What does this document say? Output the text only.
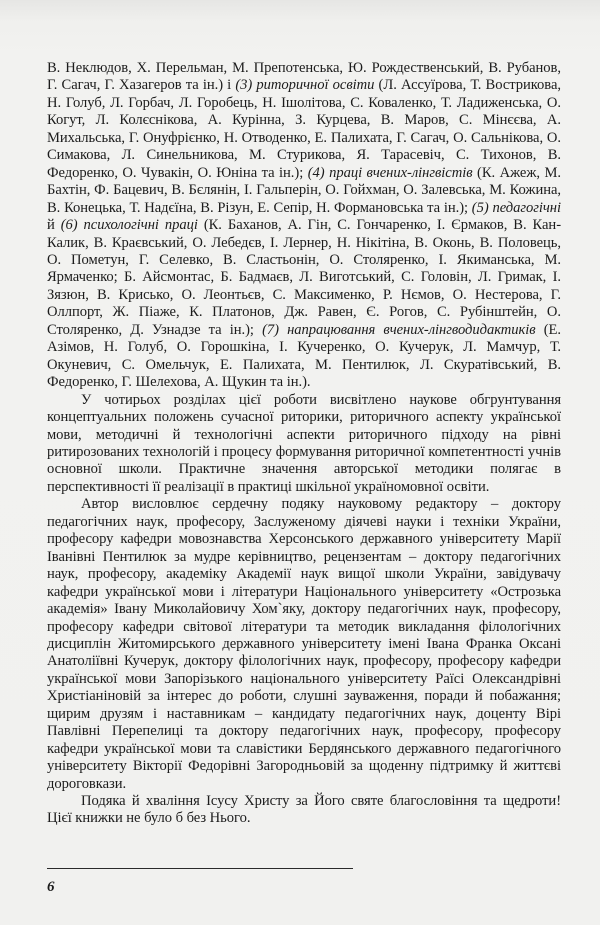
В. Неклюдов, Х. Перельман, М. Препотенська, Ю. Рождественський, В. Рубанов, Г. Сагач, Г. Хазагеров та ін.) і (3) риторичної освіти (Л. Ассуїрова, Т. Вострикова, Н. Голуб, Л. Горбач, Л. Горобець, Н. Ішолітова, С. Коваленко, Т. Ладиженська, О. Когут, Л. Колєснікова, А. Курінна, З. Курцева, В. Маров, С. Мінєєва, А. Михальська, Г. Онуфрієнко, Н. Отводенко, Е. Палихата, Г. Сагач, О. Сальнікова, О. Симакова, Л. Синельникова, М. Стурикова, Я. Тарасевіч, С. Тихонов, В. Федоренко, О. Чувакін, О. Юніна та ін.); (4) праці вчених-лінгвістів (К. Ажеж, М. Бахтін, Ф. Бацевич, В. Бєлянін, І. Гальперін, О. Гойхман, О. Залевська, М. Кожина, В. Конецька, Т. Надєїна, В. Різун, Е. Сепір, Н. Формановська та ін.); (5) педагогічні й (6) психологічні праці (К. Баханов, А. Гін, С. Гончаренко, І. Єрмаков, В. Кан-Калик, В. Краєвський, О. Лебедєв, І. Лернер, Н. Нікітіна, В. Оконь, В. Половець, О. Пометун, Г. Селевко, В. Сластьонін, О. Столяренко, І. Якиманська, М. Ярмаченко; Б. Айсмонтас, Б. Бадмаєв, Л. Виготський, С. Головін, Л. Гримак, І. Зязюн, В. Крисько, О. Леонтьєв, С. Максименко, Р. Нємов, О. Нестерова, Г. Оллпорт, Ж. Піаже, К. Платонов, Дж. Равен, Є. Рогов, С. Рубінштейн, О. Столяренко, Д. Узнадзе та ін.); (7) напрацювання вчених-лінгводидактиків (Е. Азімов, Н. Голуб, О. Горошкіна, І. Кучеренко, О. Кучерук, Л. Мамчур, Т. Окуневич, С. Омельчук, Е. Палихата, М. Пентилюк, Л. Скуратівський, В. Федоренко, Г. Шелехова, А. Щукин та ін.).

У чотирьох розділах цієї роботи висвітлено наукове обгрунтування концептуальних положень сучасної риторики, риторичного аспекту української мови, методичні й технологічні аспекти риторичного підходу на рівні ритирозованих технологій і процесу формування риторичної компетентності учнів основної школи. Практичне значення авторської методики полягає в перспективності її реалізації в практиці шкільної україномовної освіти.

Автор висловлює сердечну подяку науковому редактору – доктору педагогічних наук, професору, Заслуженому діячеві науки і техніки України, професору кафедри мовознавства Херсонського державного університету Марії Іванівні Пентилюк за мудре керівництво, рецензентам – доктору педагогічних наук, професору, академіку Академії наук вищої школи України, завідувачу кафедри української мови і літератури Національного університету «Острозька академія» Івану Миколайовичу Хом`яку, доктору педагогічних наук, професору, професору кафедри світової літератури та методик викладання філологічних дисциплін Житомирського державного університету імені Івана Франка Оксані Анатоліївні Кучерук, доктору філологічних наук, професору, професору кафедри української мови Запорізького національного університету Раїсі Олександрівні Христіаніновій за інтерес до роботи, слушні зауваження, поради й побажання; щирим друзям і наставникам – кандидату педагогічних наук, доценту Вірі Павлівні Перепелиці та доктору педагогічних наук, професору, професору кафедри української мови та славістики Бердянського державного педагогічного університету Вікторії Федорівні Загородньовій за щоденну підтримку й життєві дороговкази.

Подяка й хваління Ісусу Христу за Його святе благословіння та щедроти! Цієї книжки не було б без Нього.

6
